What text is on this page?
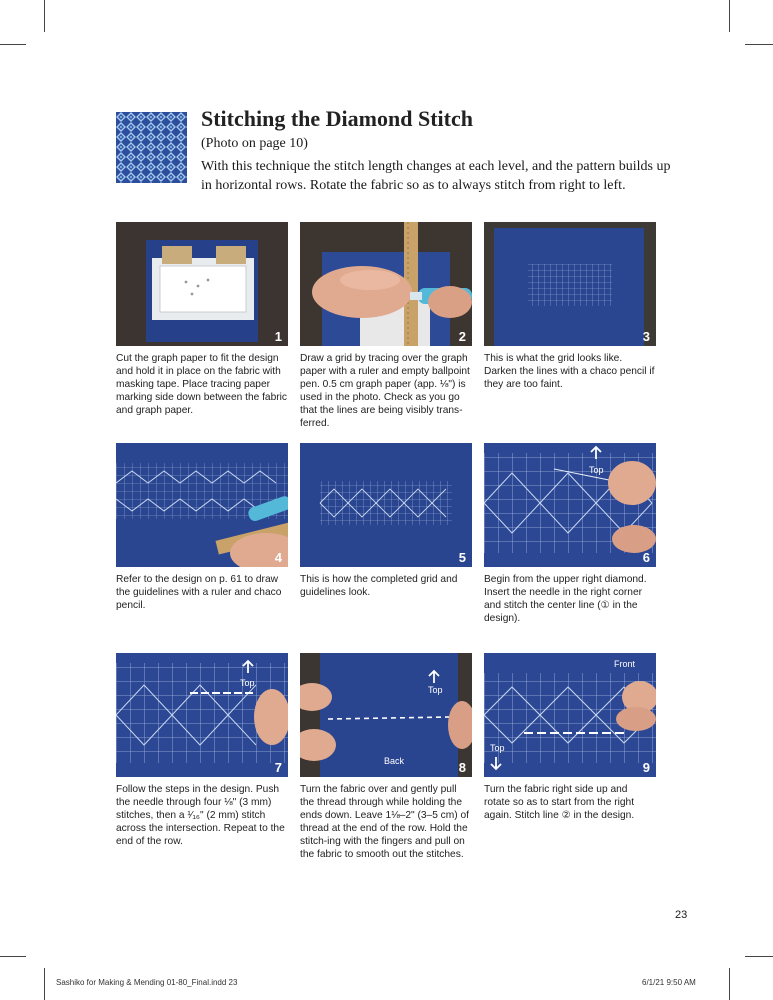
Stitching the Diamond Stitch

(Photo on page 10)

With this technique the stitch length changes at each level, and the pattern builds up in horizontal rows. Rotate the fabric so as to always stitch from right to left.

1
Cut the graph paper to fit the design and hold it in place on the fabric with masking tape. Place tracing paper marking side down between the fabric and graph paper.
2
Draw a grid by tracing over the graph paper with a ruler and empty ballpoint pen. 0.5 cm graph paper (app. ⅛") is used in the photo. Check as you go that the lines are being visibly trans-ferred.
3
This is what the grid looks like. Darken the lines with a chaco pencil if they are too faint.
4
Refer to the design on p. 61 to draw the guidelines with a ruler and chaco pencil.
5
This is how the completed grid and guidelines look.
Top
6
Begin from the upper right diamond. Insert the needle in the right corner and stitch the center line (① in the design).
Top
7
Follow the steps in the design. Push the needle through four ⅛" (3 mm) stitches, then a ¹⁄₁₆" (2 mm) stitch across the intersection. Repeat to the end of the row.
Top
Back	8
Turn the fabric over and gently pull the thread through while holding the ends down. Leave 1⅛–2" (3–5 cm) of thread at the end of the row. Hold the stitch-ing with the fingers and pull on the fabric to smooth out the stitches.
Front
Top
9
Turn the fabric right side up and rotate so as to start from the right again. Stitch line ② in the design.
23
Sashiko for Making & Mending 01-80_Final.indd 23	6/1/21 9:50 AM
